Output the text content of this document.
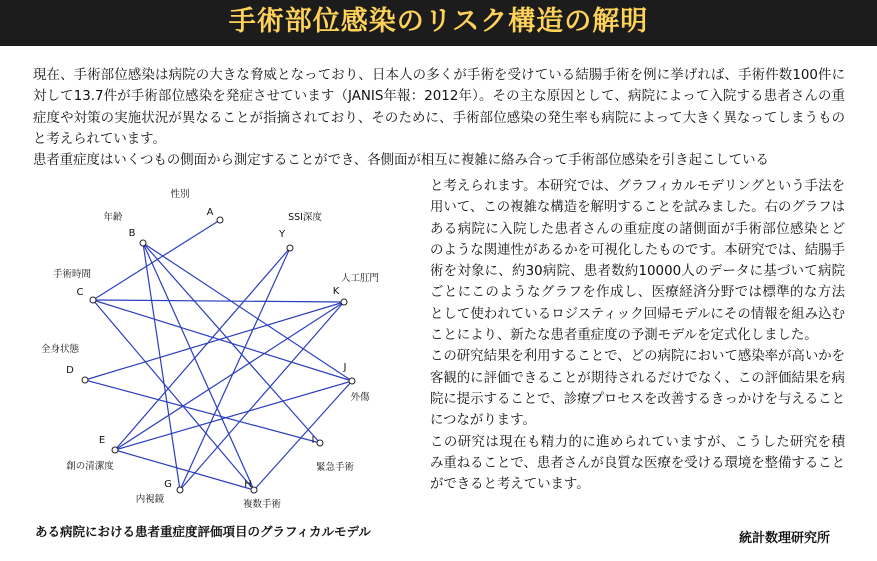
手術部位感染のリスク構造の解明

現在、手術部位感染は病院の大きな脅威となっており、日本人の多くが手術を受けている結腸手術を例に挙げれば、手術件数100件に対して13.7件が手術部位感染を発症させています（JANIS年報：2012年）。その主な原因として、病院によって入院する患者さんの重症度や対策の実施状況が異なることが指摘されており、そのために、手術部位感染の発生率も病院によって大きく異なってしまうものと考えられています。
患者重症度はいくつもの側面から測定することができ、各側面が相互に複雑に絡み合って手術部位感染を引き起こしている

と考えられます。本研究では、グラフィカルモデリングという手法を用いて、この複雑な構造を解明することを試みました。右のグラフはある病院に入院した患者さんの重症度の諸側面が手術部位感染とどのような関連性があるかを可視化したものです。本研究では、結腸手術を対象に、約30病院、患者数約10000人のデータに基づいて病院ごとにこのようなグラフを作成し、医療経済分野では標準的な方法として使われているロジスティック回帰モデルにその情報を組み込むことにより、新たな患者重症度の予測モデルを定式化しました。

この研究結果を利用することで、どの病院において感染率が高いかを客観的に評価できることが期待されるだけでなく、この評価結果を病院に提示することで、診療プロセスを改善するきっかけを与えることにつながります。

この研究は現在も精力的に進められていますが、こうした研究を積み重ねることで、患者さんが良質な医療を受ける環境を整備することができると考えています。

A
性別
Y
SSI深度
K
人工肛門
J
外傷
I
緊急手術
H
複数手術
G
内視鏡
E
創の清潔度
D
全身状態
C
手術時間
B
年齢
ある病院における患者重症度評価項目のグラフィカルモデル	統計数理研究所
